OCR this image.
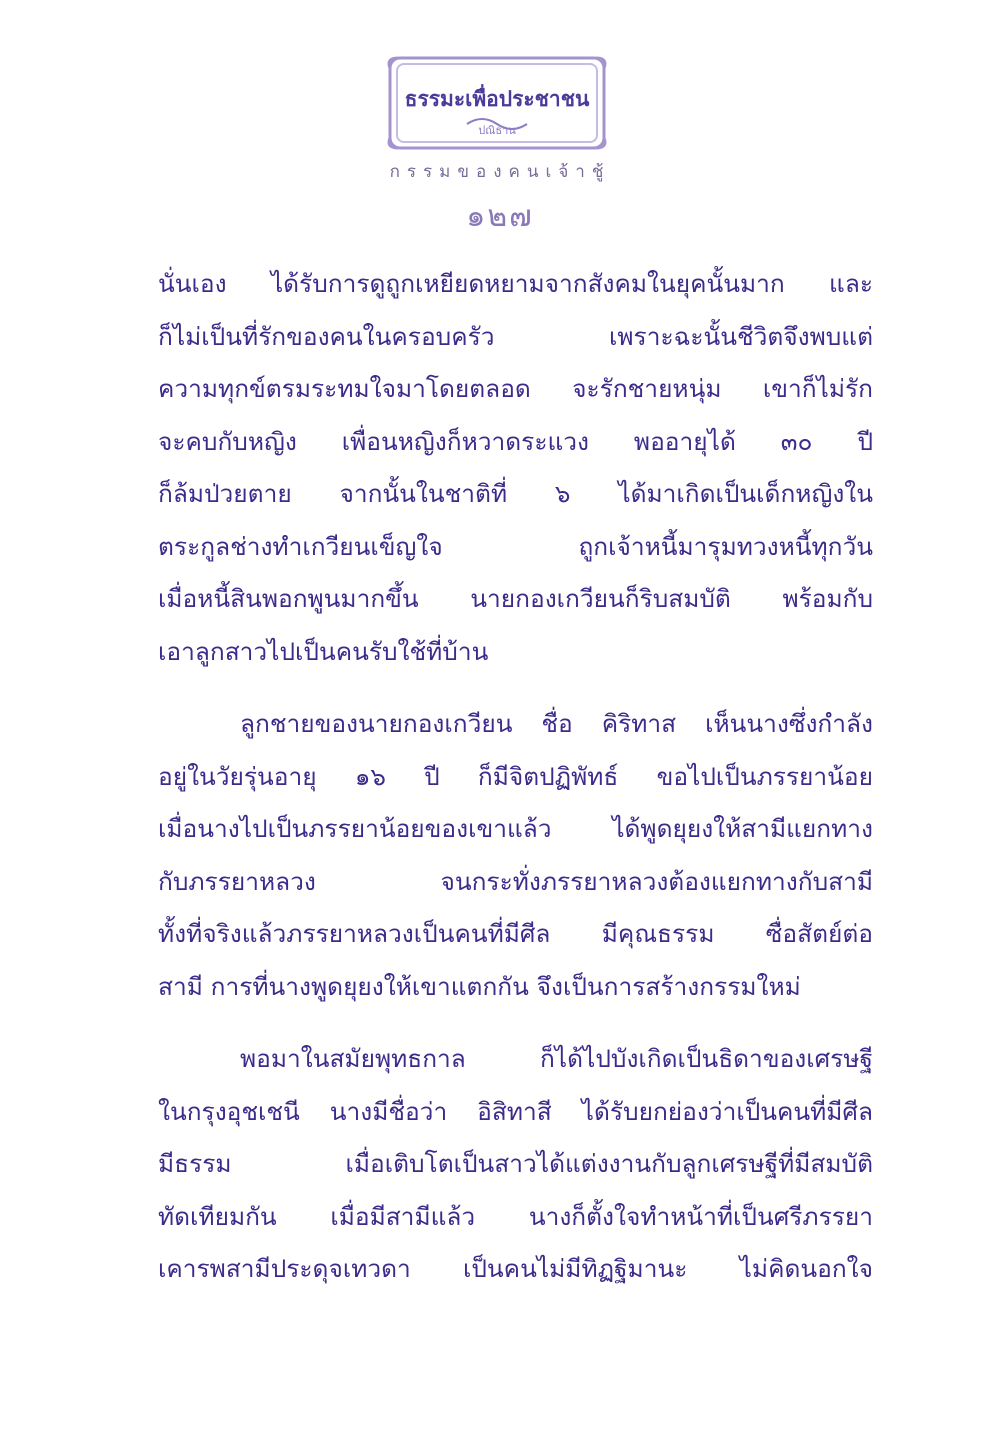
ธรรมะเพื่อประชาชน
ปณิธาน
กรรมของคนเจ้าชู้
๑๒๗

นั่นเอง ได้รับการดูถูกเหยียดหยามจากสังคมในยุคนั้นมาก และ
ก็ไม่เป็นที่รักของคนในครอบครัว เพราะฉะนั้นชีวิตจึงพบแต่
ความทุกข์ตรมระทมใจมาโดยตลอด จะรักชายหนุ่ม เขาก็ไม่รัก
จะคบกับหญิง เพื่อนหญิงก็หวาดระแวง พออายุได้ ๓๐ ปี
ก็ล้มป่วยตาย จากนั้นในชาติที่ ๖ ได้มาเกิดเป็นเด็กหญิงใน
ตระกูลช่างทำเกวียนเข็ญใจ ถูกเจ้าหนี้มารุมทวงหนี้ทุกวัน
เมื่อหนี้สินพอกพูนมากขึ้น นายกองเกวียนก็ริบสมบัติ พร้อมกับ
เอาลูกสาวไปเป็นคนรับใช้ที่บ้าน

ลูกชายของนายกองเกวียน ชื่อ คิริทาส เห็นนางซึ่งกำลัง
อยู่ในวัยรุ่นอายุ ๑๖ ปี ก็มีจิตปฏิพัทธ์ ขอไปเป็นภรรยาน้อย
เมื่อนางไปเป็นภรรยาน้อยของเขาแล้ว ได้พูดยุยงให้สามีแยกทาง
กับภรรยาหลวง จนกระทั่งภรรยาหลวงต้องแยกทางกับสามี
ทั้งที่จริงแล้วภรรยาหลวงเป็นคนที่มีศีล มีคุณธรรม ซื่อสัตย์ต่อ
สามี การที่นางพูดยุยงให้เขาแตกกัน จึงเป็นการสร้างกรรมใหม่

พอมาในสมัยพุทธกาล ก็ได้ไปบังเกิดเป็นธิดาของเศรษฐี
ในกรุงอุชเชนี นางมีชื่อว่า อิสิทาสี ได้รับยกย่องว่าเป็นคนที่มีศีล
มีธรรม เมื่อเติบโตเป็นสาวได้แต่งงานกับลูกเศรษฐีที่มีสมบัติ
ทัดเทียมกัน เมื่อมีสามีแล้ว นางก็ตั้งใจทำหน้าที่เป็นศรีภรรยา
เคารพสามีประดุจเทวดา เป็นคนไม่มีทิฏฐิมานะ ไม่คิดนอกใจ
